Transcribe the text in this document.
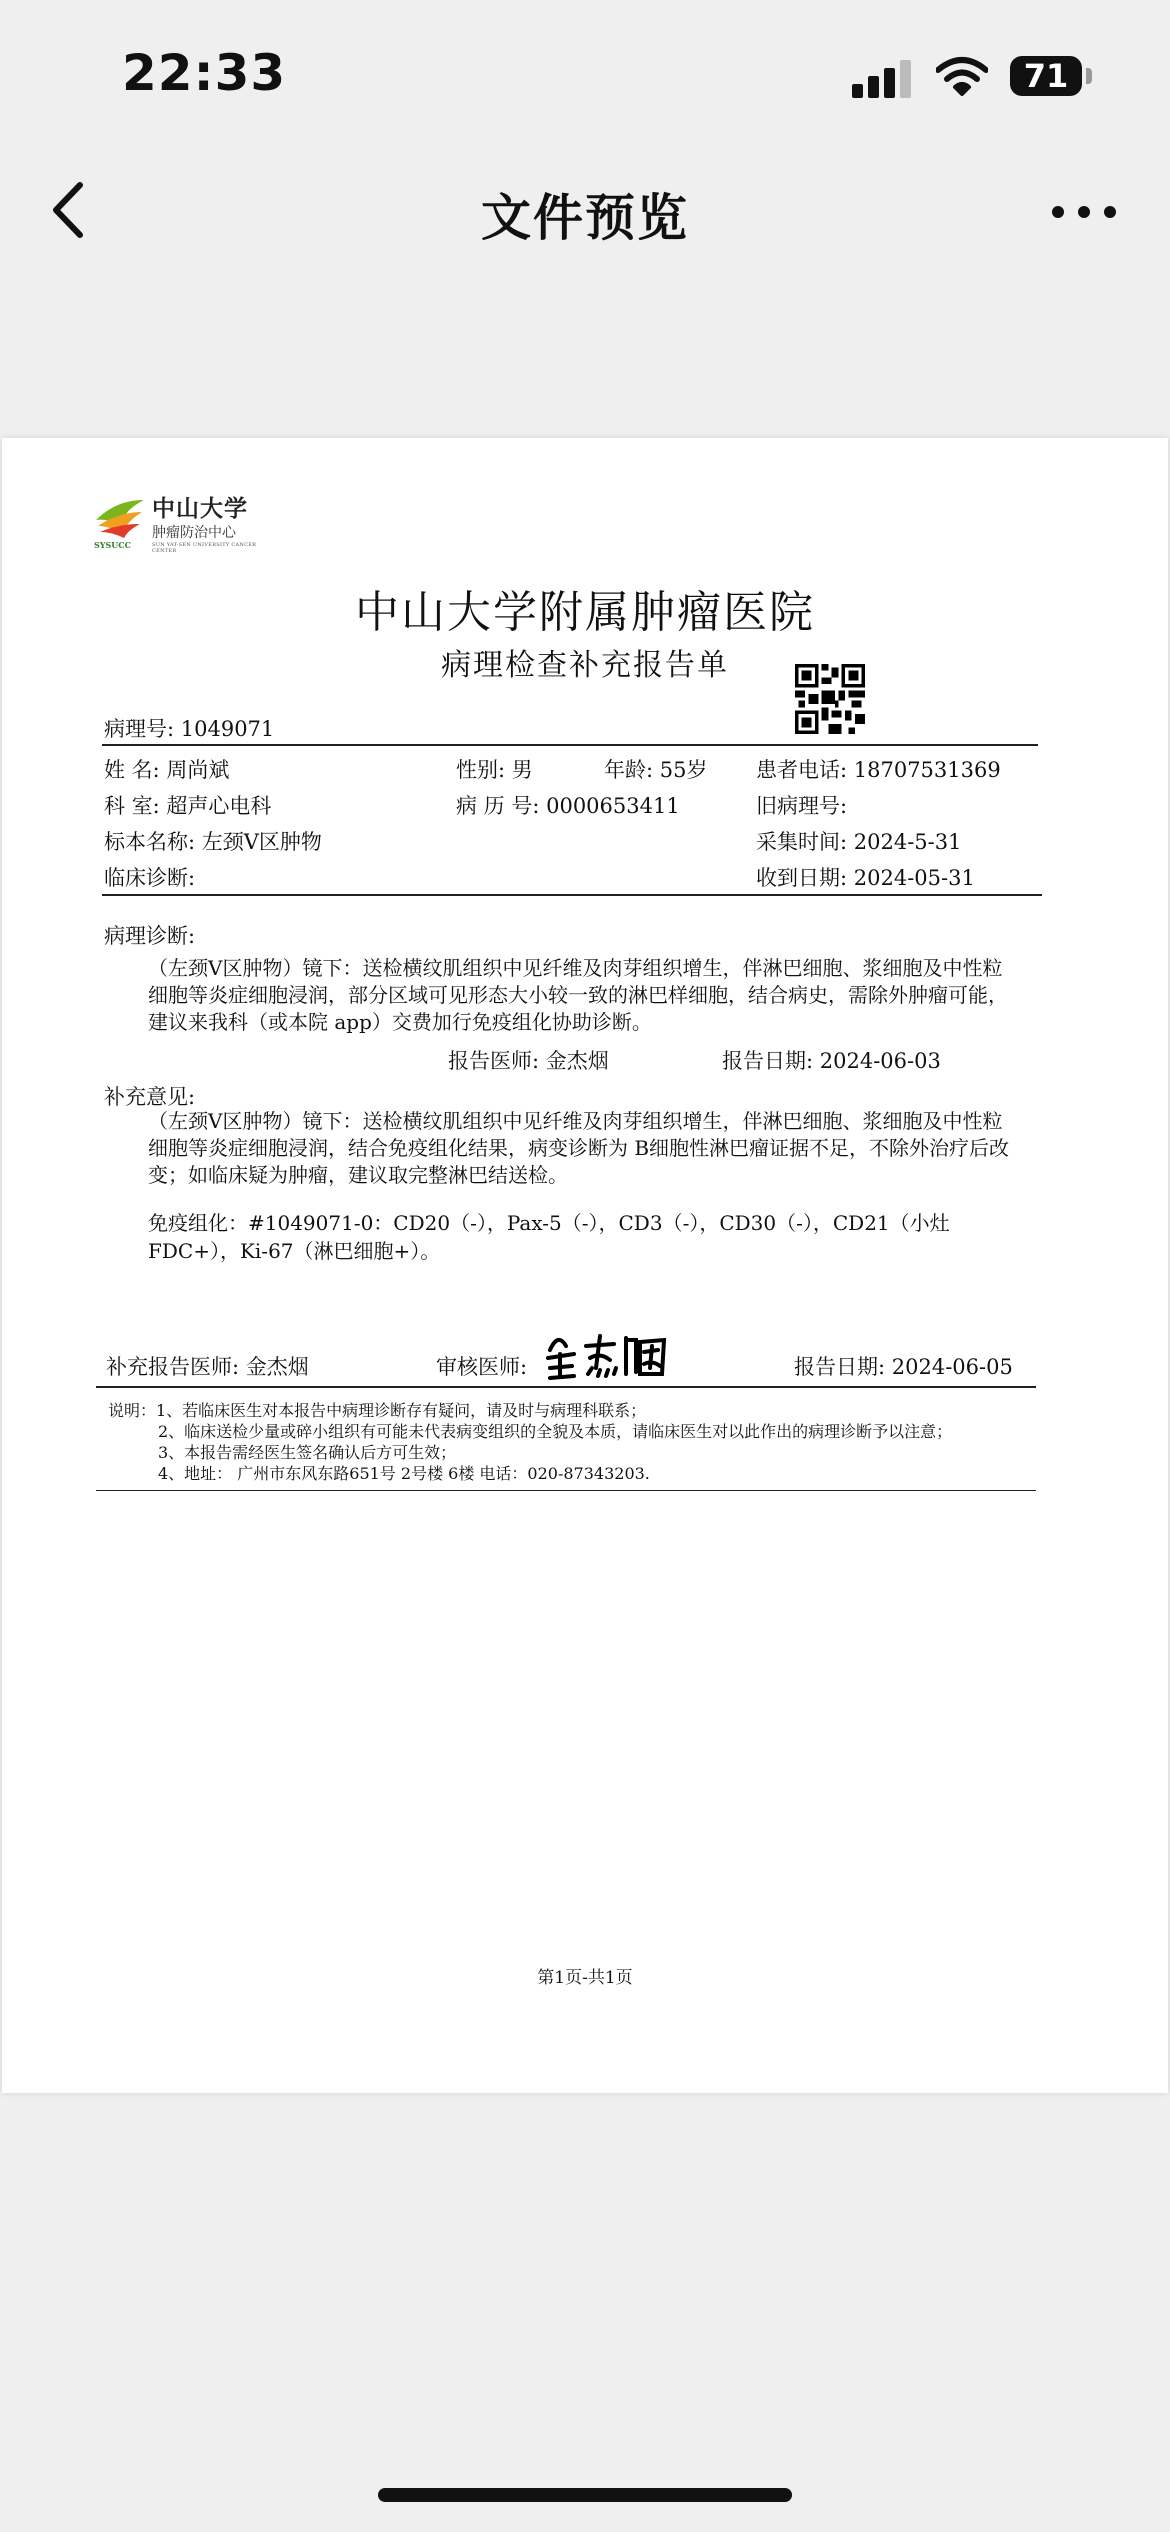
22:33	71
文件预览
SYSUCC
中山大学
肿瘤防治中心
SUN YAT-SEN UNIVERSITY CANCER CENTER
中山大学附属肿瘤医院
病理检查补充报告单
病理号: 1049071
姓 名: 周尚斌	性别: 男	年龄: 55岁 患者电话: 18707531369
科 室: 超声心电科	病 历 号: 0000653411	旧病理号:
标本名称: 左颈V区肿物	采集时间: 2024-5-31
临床诊断:	收到日期: 2024-05-31
病理诊断:
（左颈V区肿物）镜下：送检横纹肌组织中见纤维及肉芽组织增生，伴淋巴细胞、浆细胞及中性粒细胞等炎症细胞浸润，部分区域可见形态大小较一致的淋巴样细胞，结合病史，需除外肿瘤可能，建议来我科（或本院 app）交费加行免疫组化协助诊断。
报告医师: 金杰烟	报告日期: 2024-06-03
补充意见:
（左颈V区肿物）镜下：送检横纹肌组织中见纤维及肉芽组织增生，伴淋巴细胞、浆细胞及中性粒细胞等炎症细胞浸润，结合免疫组化结果，病变诊断为 B细胞性淋巴瘤证据不足，不除外治疗后改变；如临床疑为肿瘤，建议取完整淋巴结送检。
免疫组化：#1049071-0：CD20（-），Pax-5（-），CD3（-），CD30（-），CD21（小灶FDC+），Ki-67（淋巴细胞+）。
补充报告医师: 金杰烟	审核医师:	报告日期: 2024-06-05
说明：1、若临床医生对本报告中病理诊断存有疑问，请及时与病理科联系；
2、临床送检少量或碎小组织有可能未代表病变组织的全貌及本质，请临床医生对以此作出的病理诊断予以注意；
3、本报告需经医生签名确认后方可生效；
4、地址： 广州市东风东路651号 2号楼 6楼 电话：020-87343203.
第1页-共1页
